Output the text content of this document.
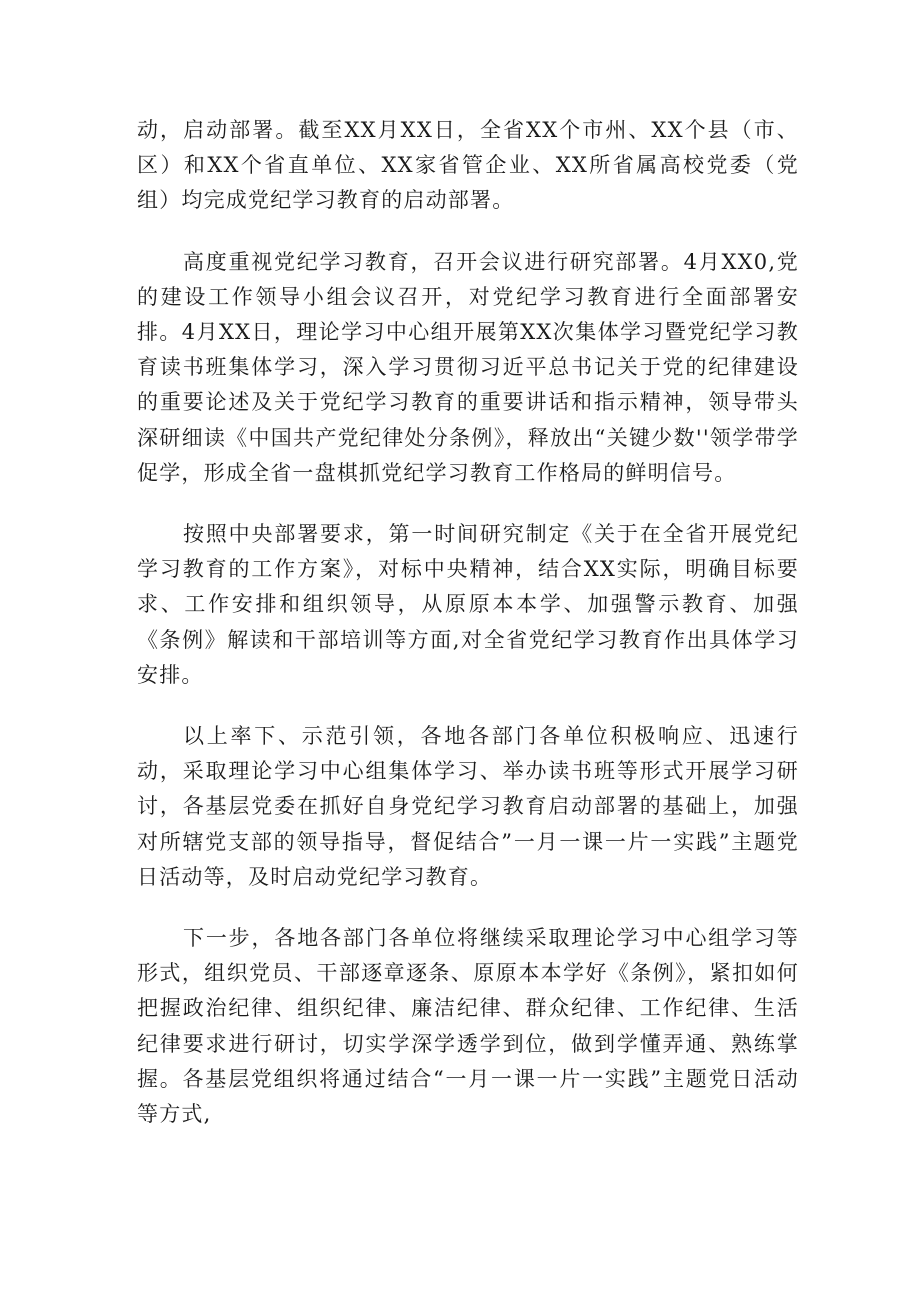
动，启动部署。截至XX月XX日，全省XX个市州、XX个县（市、区）和XX个省直单位、XX家省管企业、XX所省属高校党委（党组）均完成党纪学习教育的启动部署。

高度重视党纪学习教育，召开会议进行研究部署。4月XX0,党的建设工作领导小组会议召开，对党纪学习教育进行全面部署安排。4月XX日，理论学习中心组开展第XX次集体学习暨党纪学习教育读书班集体学习，深入学习贯彻习近平总书记关于党的纪律建设的重要论述及关于党纪学习教育的重要讲话和指示精神，领导带头深研细读《中国共产党纪律处分条例》，释放出“关键少数''领学带学促学，形成全省一盘棋抓党纪学习教育工作格局的鲜明信号。

按照中央部署要求，第一时间研究制定《关于在全省开展党纪学习教育的工作方案》，对标中央精神，结合XX实际，明确目标要求、工作安排和组织领导，从原原本本学、加强警示教育、加强《条例》解读和干部培训等方面,对全省党纪学习教育作出具体学习安排。

以上率下、示范引领，各地各部门各单位积极响应、迅速行动，采取理论学习中心组集体学习、举办读书班等形式开展学习研讨，各基层党委在抓好自身党纪学习教育启动部署的基础上，加强对所辖党支部的领导指导，督促结合”一月一课一片一实践”主题党日活动等，及时启动党纪学习教育。

下一步，各地各部门各单位将继续采取理论学习中心组学习等形式，组织党员、干部逐章逐条、原原本本学好《条例》，紧扣如何把握政治纪律、组织纪律、廉洁纪律、群众纪律、工作纪律、生活纪律要求进行研讨，切实学深学透学到位，做到学懂弄通、熟练掌握。各基层党组织将通过结合“一月一课一片一实践”主题党日活动等方式,
